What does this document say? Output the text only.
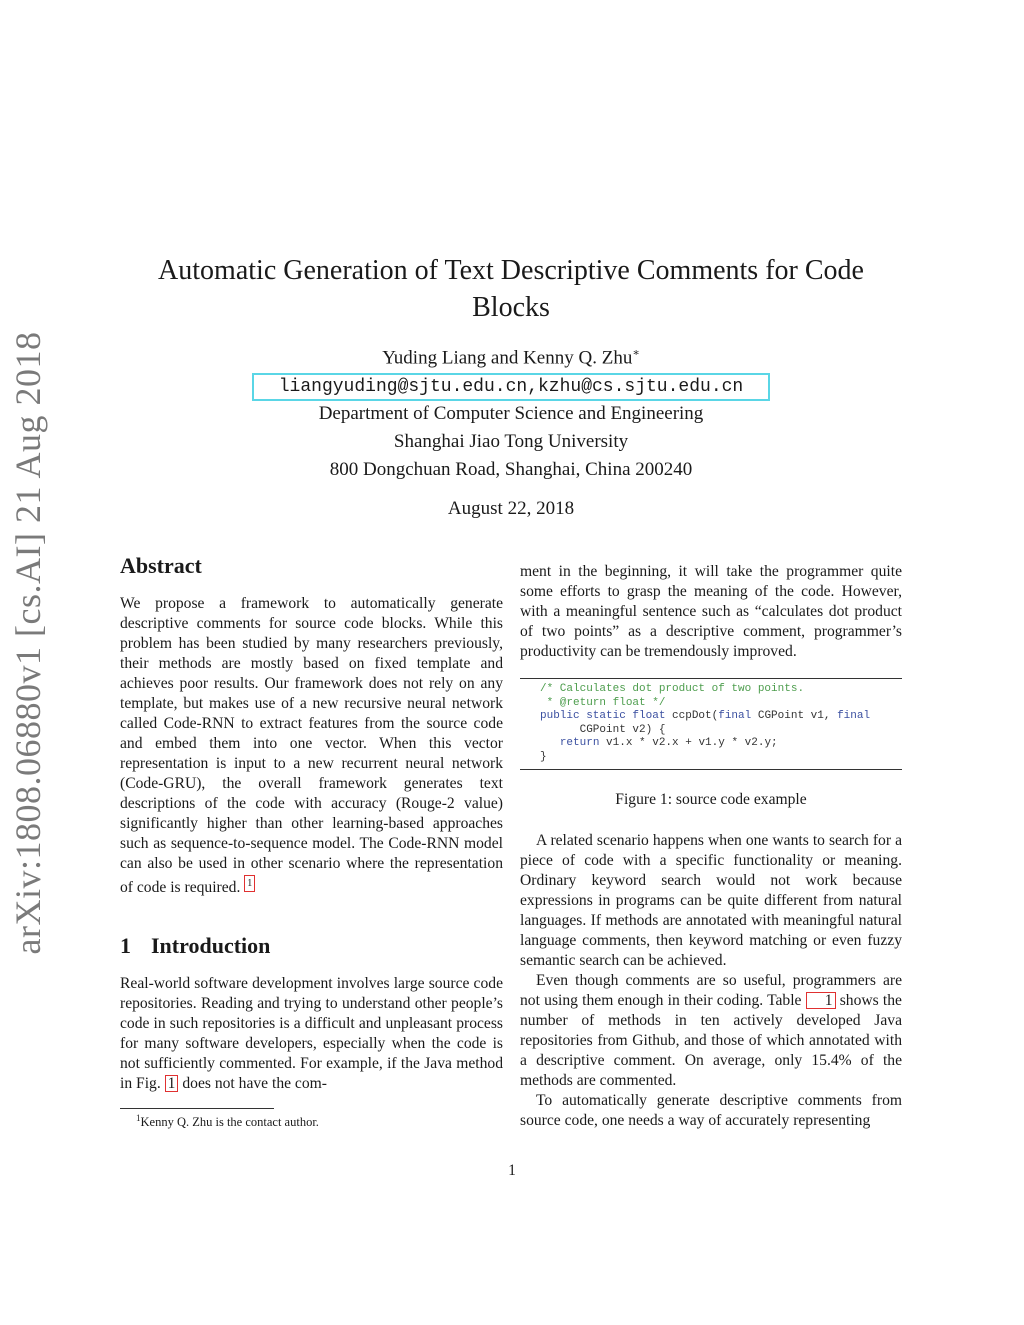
arXiv:1808.06880v1 [cs.AI] 21 Aug 2018
Automatic Generation of Text Descriptive Comments for Code
Blocks
Yuding Liang and Kenny Q. Zhu∗
liangyuding@sjtu.edu.cn,kzhu@cs.sjtu.edu.cn
Department of Computer Science and Engineering
Shanghai Jiao Tong University
800 Dongchuan Road, Shanghai, China 200240
August 22, 2018
Abstract

We propose a framework to automatically generate descriptive comments for source code blocks. While this problem has been studied by many researchers previously, their methods are mostly based on fixed template and achieves poor results. Our framework does not rely on any template, but makes use of a new recursive neural network called Code-RNN to extract features from the source code and embed them into one vector. When this vector representation is input to a new recurrent neural network (Code-GRU), the overall framework generates text descriptions of the code with accuracy (Rouge-2 value) significantly higher than other learning-based approaches such as sequence-to-sequence model. The Code-RNN model can also be used in other scenario where the representation of code is required. $^1$

1 Introduction

Real-world software development involves large source code repositories. Reading and trying to understand other people’s code in such repositories is a difficult and unpleasant process for many software developers, especially when the code is not sufficiently commented. For example, if the Java method in Fig. 1 does not have the com-

$^1$Kenny Q. Zhu is the contact author.

ment in the beginning, it will take the programmer quite some efforts to grasp the meaning of the code. However, with a meaningful sentence such as “calculates dot product of two points” as a descriptive comment, programmer’s productivity can be tremendously improved.

/* Calculates dot product of two points.
* @return float */
public static float ccpDot(final CGPoint v1, final
CGPoint v2) {
return v1.x * v2.x + v1.y * v2.y;
}
Figure 1: source code example

A related scenario happens when one wants to search for a piece of code with a specific functionality or meaning. Ordinary keyword search would not work because expressions in programs can be quite different from natural languages. If methods are annotated with meaningful natural language comments, then keyword matching or even fuzzy semantic search can be achieved.

Even though comments are so useful, programmers are not using them enough in their coding. Table 1 shows the number of methods in ten actively developed Java repositories from Github, and those of which annotated with a descriptive comment. On average, only 15.4% of the methods are commented.

To automatically generate descriptive comments from source code, one needs a way of accurately representing

1
